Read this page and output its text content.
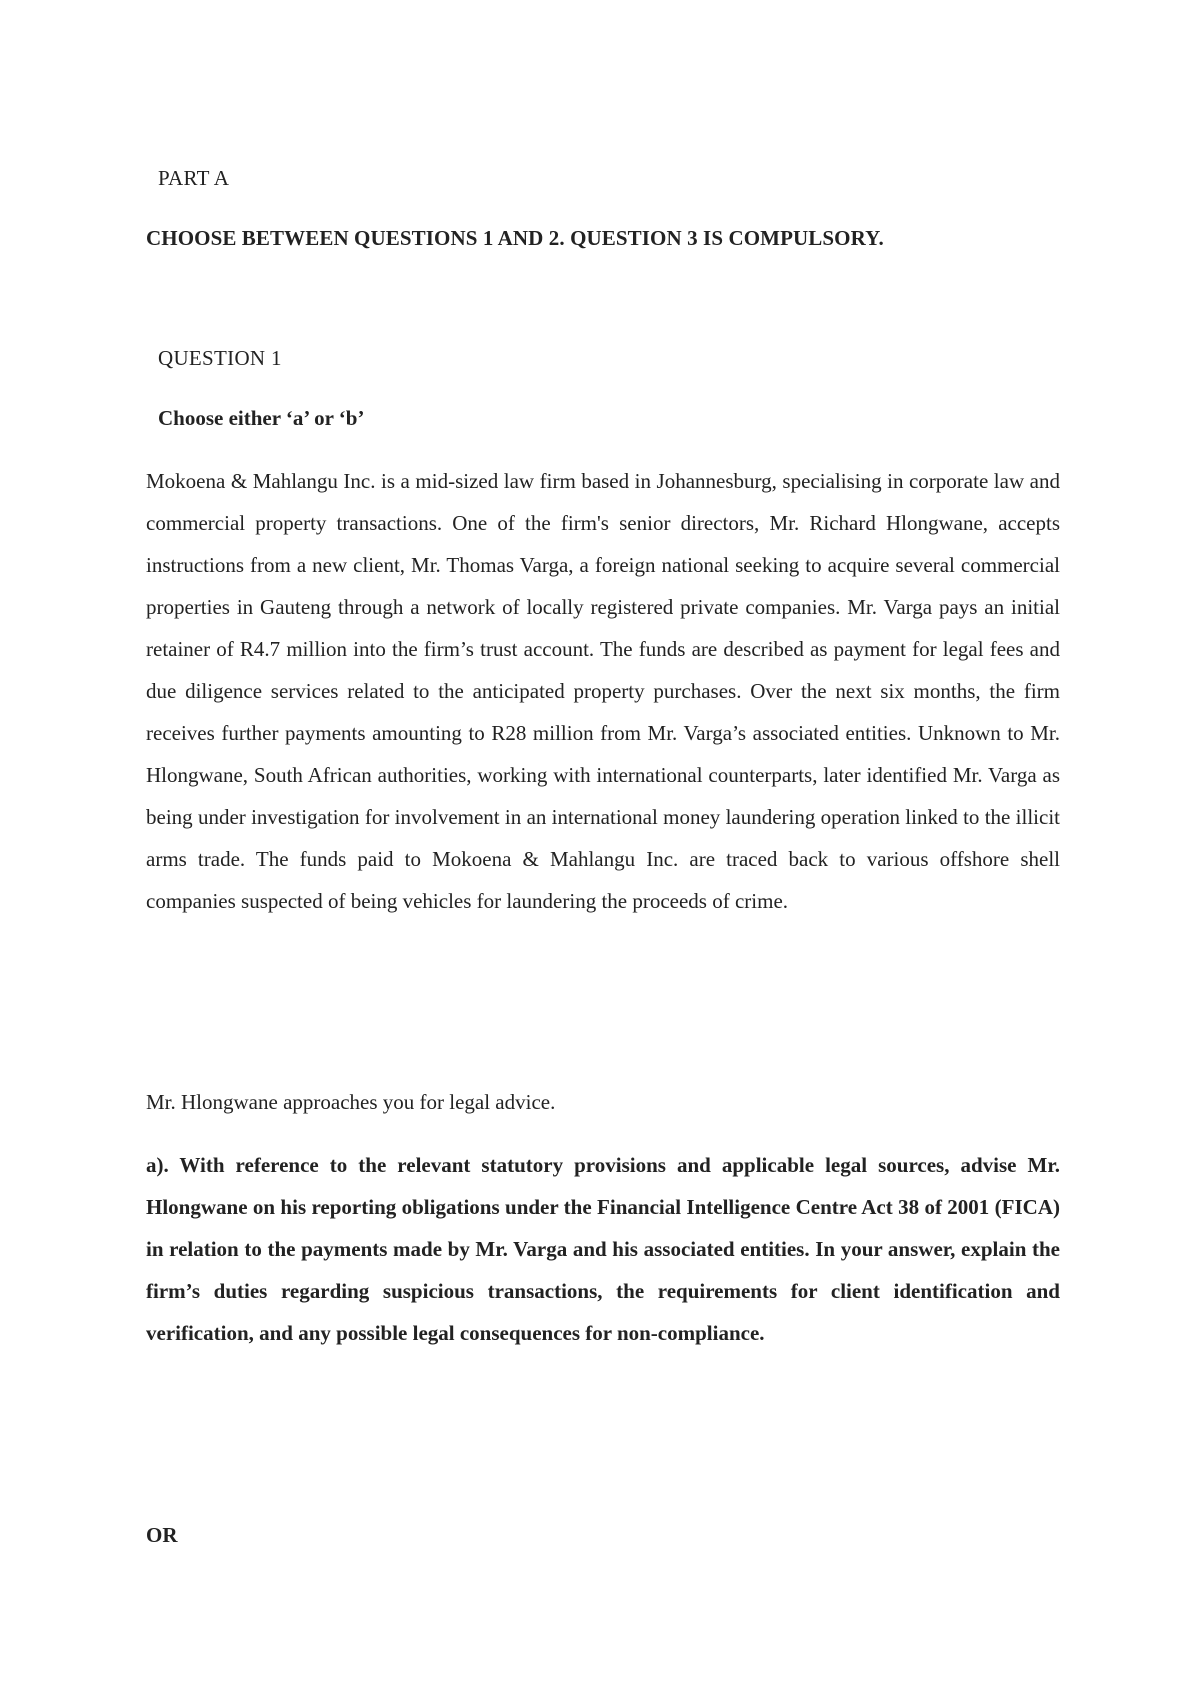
PART A
CHOOSE BETWEEN QUESTIONS 1 AND 2. QUESTION 3 IS COMPULSORY.
QUESTION 1
Choose either ‘a’ or ‘b’

Mokoena & Mahlangu Inc. is a mid-sized law firm based in Johannesburg, specialising in corporate law and commercial property transactions. One of the firm's senior directors, Mr. Richard Hlongwane, accepts instructions from a new client, Mr. Thomas Varga, a foreign national seeking to acquire several commercial properties in Gauteng through a network of locally registered private companies. Mr. Varga pays an initial retainer of R4.7 million into the firm’s trust account. The funds are described as payment for legal fees and due diligence services related to the anticipated property purchases. Over the next six months, the firm receives further payments amounting to R28 million from Mr. Varga’s associated entities. Unknown to Mr. Hlongwane, South African authorities, working with international counterparts, later identified Mr. Varga as being under investigation for involvement in an international money laundering operation linked to the illicit arms trade. The funds paid to Mokoena & Mahlangu Inc. are traced back to various offshore shell companies suspected of being vehicles for laundering the proceeds of crime.

Mr. Hlongwane approaches you for legal advice.

a). With reference to the relevant statutory provisions and applicable legal sources, advise Mr. Hlongwane on his reporting obligations under the Financial Intelligence Centre Act 38 of 2001 (FICA) in relation to the payments made by Mr. Varga and his associated entities. In your answer, explain the firm’s duties regarding suspicious transactions, the requirements for client identification and verification, and any possible legal consequences for non-compliance.

OR
